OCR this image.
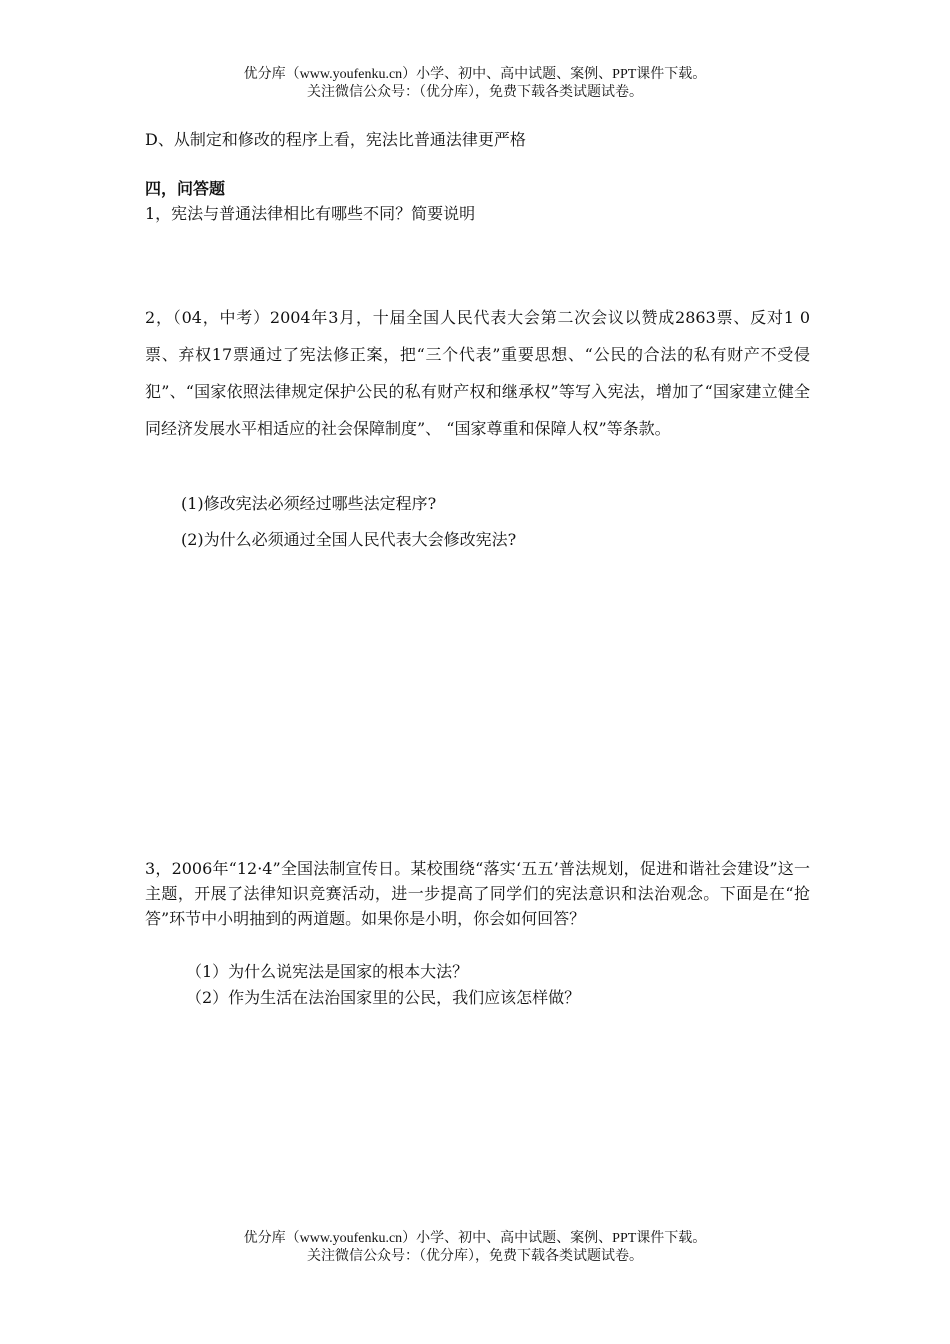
优分库（www.youfenku.cn）小学、初中、高中试题、案例、PPT课件下载。
关注微信公众号：（优分库），免费下载各类试题试卷。
D、从制定和修改的程序上看，宪法比普通法律更严格
四，问答题
1，宪法与普通法律相比有哪些不同？简要说明
2，（04，中考）2004年3月，十届全国人民代表大会第二次会议以赞成2863票、反对1 0票、弃权17票通过了宪法修正案，把“三个代表”重要思想、“公民的合法的私有财产不受侵犯”、“国家依照法律规定保护公民的私有财产权和继承权”等写入宪法，增加了“国家建立健全同经济发展水平相适应的社会保障制度”、 “国家尊重和保障人权”等条款。
(1)修改宪法必须经过哪些法定程序?
(2)为什么必须通过全国人民代表大会修改宪法?
3，2006年“12·4”全国法制宣传日。某校围绕“落实‘五五’普法规划，促进和谐社会建设”这一主题，开展了法律知识竞赛活动，进一步提高了同学们的宪法意识和法治观念。下面是在“抢答”环节中小明抽到的两道题。如果你是小明，你会如何回答？
（1）为什么说宪法是国家的根本大法？
（2）作为生活在法治国家里的公民，我们应该怎样做？
优分库（www.youfenku.cn）小学、初中、高中试题、案例、PPT课件下载。
关注微信公众号：（优分库），免费下载各类试题试卷。
